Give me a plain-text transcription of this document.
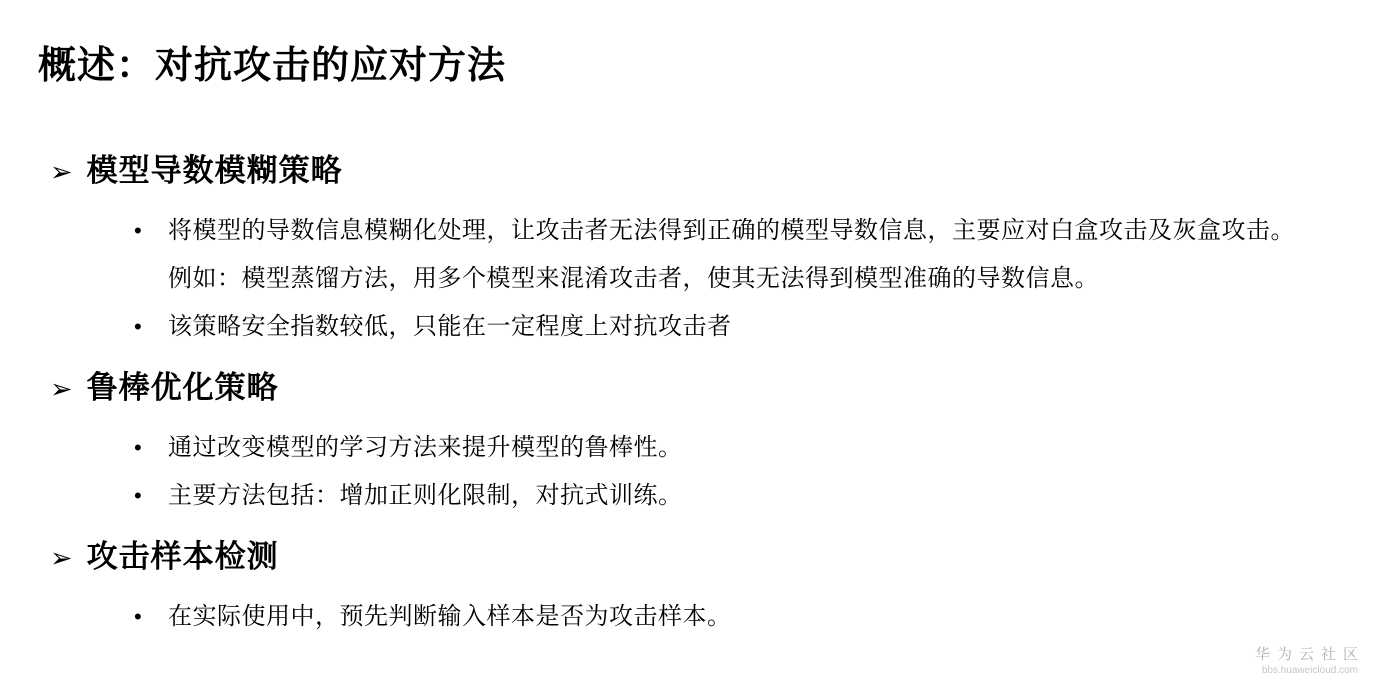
概述：对抗攻击的应对方法
➢ 模型导数模糊策略
•	将模型的导数信息模糊化处理，让攻击者无法得到正确的模型导数信息，主要应对白盒攻击及灰盒攻击。
例如：模型蒸馏方法，用多个模型来混淆攻击者，使其无法得到模型准确的导数信息。
•	该策略安全指数较低，只能在一定程度上对抗攻击者
➢ 鲁棒优化策略
•	通过改变模型的学习方法来提升模型的鲁棒性。
•	主要方法包括：增加正则化限制，对抗式训练。
➢ 攻击样本检测
•	在实际使用中，预先判断输入样本是否为攻击样本。
华为云社区
bbs.huaweicloud.com
